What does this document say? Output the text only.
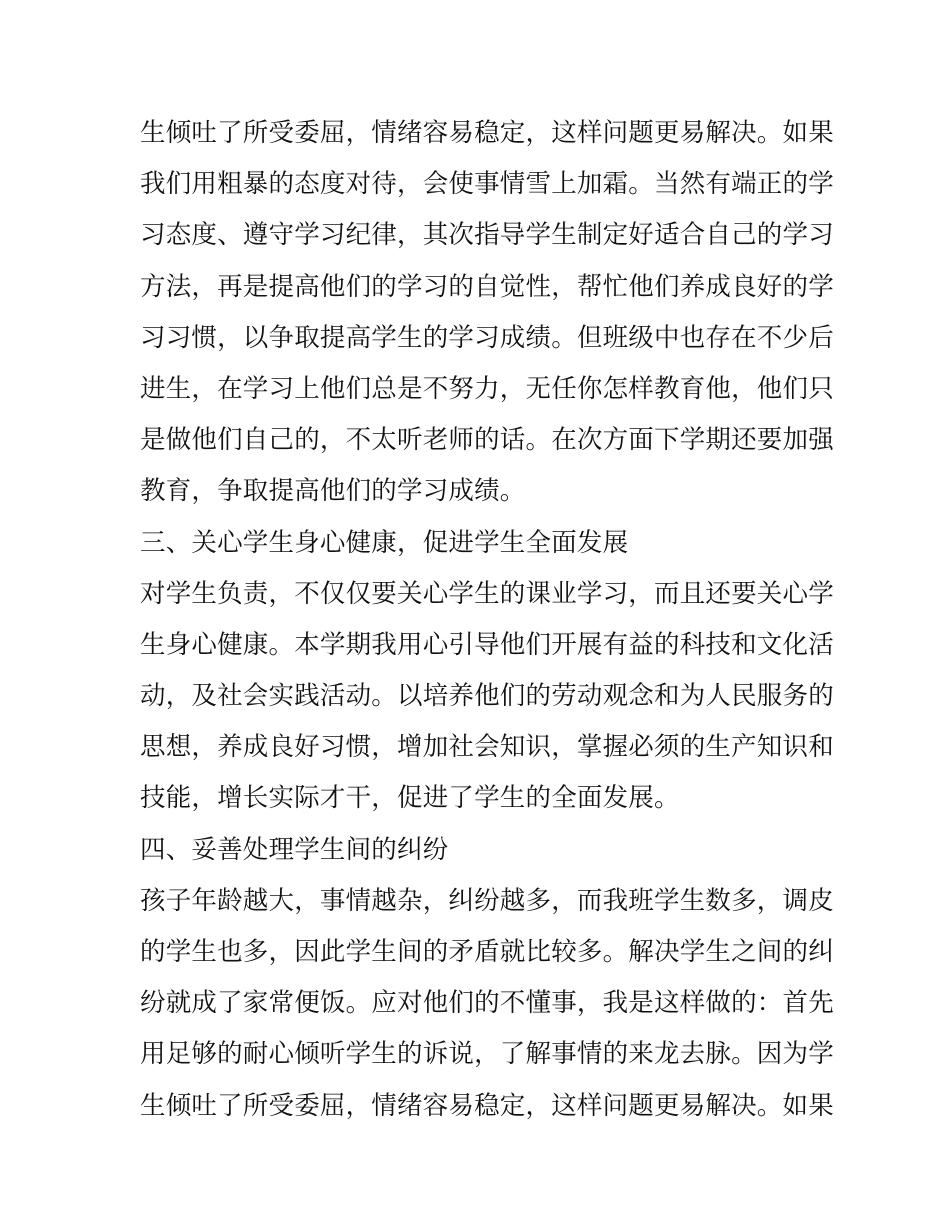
生倾吐了所受委屈，情绪容易稳定，这样问题更易解决。如果
我们用粗暴的态度对待，会使事情雪上加霜。当然有端正的学
习态度、遵守学习纪律，其次指导学生制定好适合自己的学习
方法，再是提高他们的学习的自觉性，帮忙他们养成良好的学
习习惯，以争取提高学生的学习成绩。但班级中也存在不少后
进生，在学习上他们总是不努力，无任你怎样教育他，他们只
是做他们自己的，不太听老师的话。在次方面下学期还要加强
教育，争取提高他们的学习成绩。
三、关心学生身心健康，促进学生全面发展
对学生负责，不仅仅要关心学生的课业学习，而且还要关心学
生身心健康。本学期我用心引导他们开展有益的科技和文化活
动，及社会实践活动。以培养他们的劳动观念和为人民服务的
思想，养成良好习惯，增加社会知识，掌握必须的生产知识和
技能，增长实际才干，促进了学生的全面发展。
四、妥善处理学生间的纠纷
孩子年龄越大，事情越杂，纠纷越多，而我班学生数多，调皮
的学生也多，因此学生间的矛盾就比较多。解决学生之间的纠
纷就成了家常便饭。应对他们的不懂事，我是这样做的：首先
用足够的耐心倾听学生的诉说，了解事情的来龙去脉。因为学
生倾吐了所受委屈，情绪容易稳定，这样问题更易解决。如果
